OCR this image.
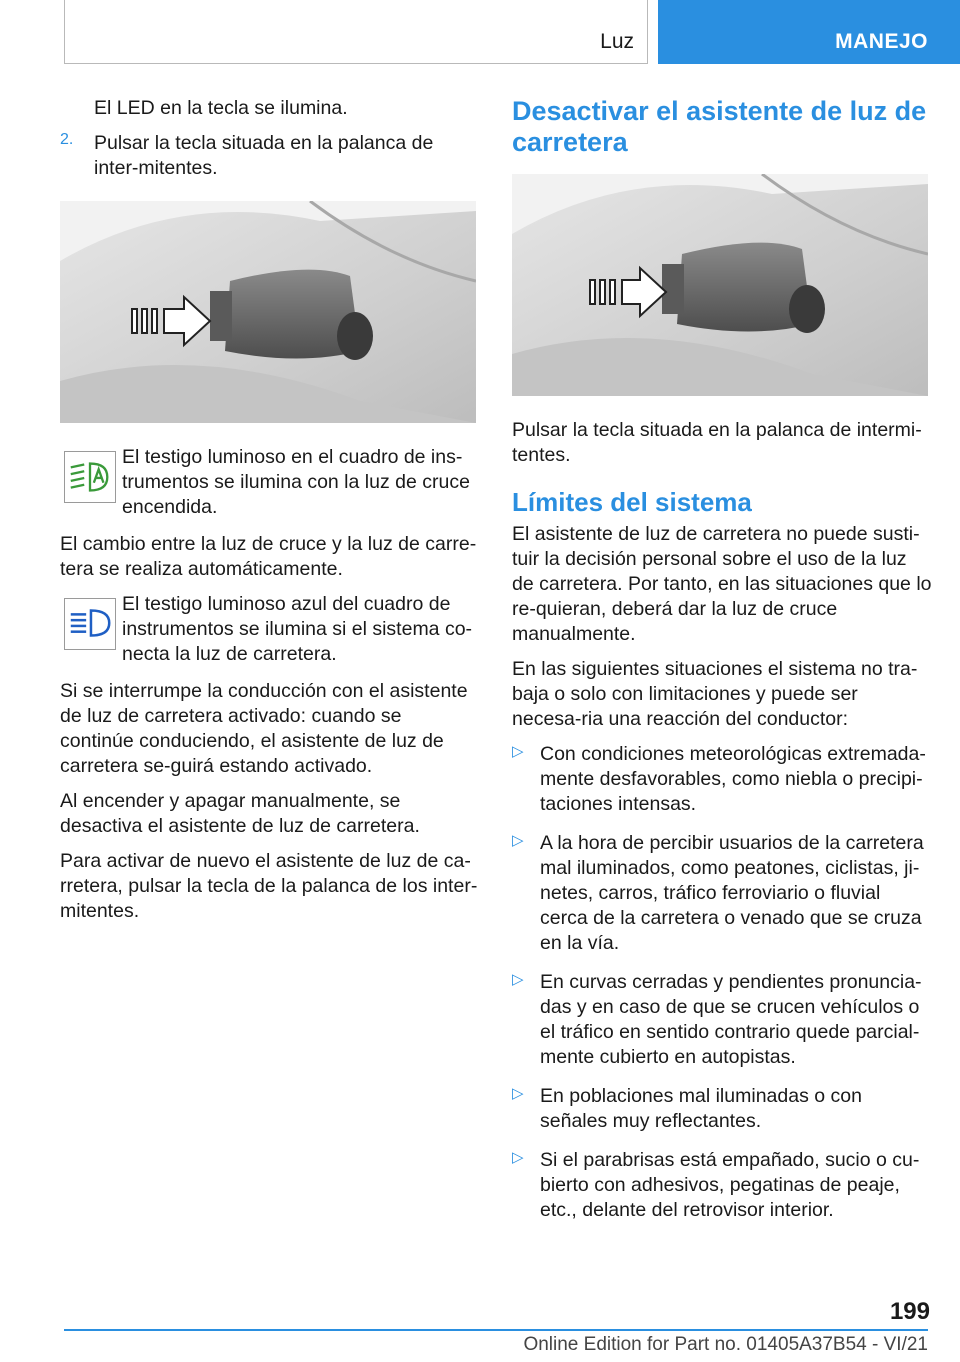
Luz	MANEJO

El LED en la tecla se ilumina.

2. Pulsar la tecla situada en la palanca de inter-mitentes.

El testigo luminoso en el cuadro de ins-trumentos se ilumina con la luz de cruce encendida.

El cambio entre la luz de cruce y la luz de carre-tera se realiza automáticamente.

El testigo luminoso azul del cuadro de instrumentos se ilumina si el sistema co-necta la luz de carretera.

Si se interrumpe la conducción con el asistente de luz de carretera activado: cuando se continúe conduciendo, el asistente de luz de carretera se-guirá estando activado.

Al encender y apagar manualmente, se desactiva el asistente de luz de carretera.

Para activar de nuevo el asistente de luz de ca-rretera, pulsar la tecla de la palanca de los inter-mitentes.

Desactivar el asistente de luz de carretera

Pulsar la tecla situada en la palanca de intermi-tentes.

Límites del sistema

El asistente de luz de carretera no puede susti-tuir la decisión personal sobre el uso de la luz de carretera. Por tanto, en las situaciones que lo re-quieran, deberá dar la luz de cruce manualmente.

En las siguientes situaciones el sistema no tra-baja o solo con limitaciones y puede ser necesa-ria una reacción del conductor:

▷ Con condiciones meteorológicas extremada-mente desfavorables, como niebla o precipi-taciones intensas.

▷ A la hora de percibir usuarios de la carretera mal iluminados, como peatones, ciclistas, ji-netes, carros, tráfico ferroviario o fluvial cerca de la carretera o venado que se cruza en la vía.

▷ En curvas cerradas y pendientes pronuncia-das y en caso de que se crucen vehículos o el tráfico en sentido contrario quede parcial-mente cubierto en autopistas.

▷ En poblaciones mal iluminadas o con señales muy reflectantes.

▷ Si el parabrisas está empañado, sucio o cu-bierto con adhesivos, pegatinas de peaje, etc., delante del retrovisor interior.

199
Online Edition for Part no. 01405A37B54 - VI/21
